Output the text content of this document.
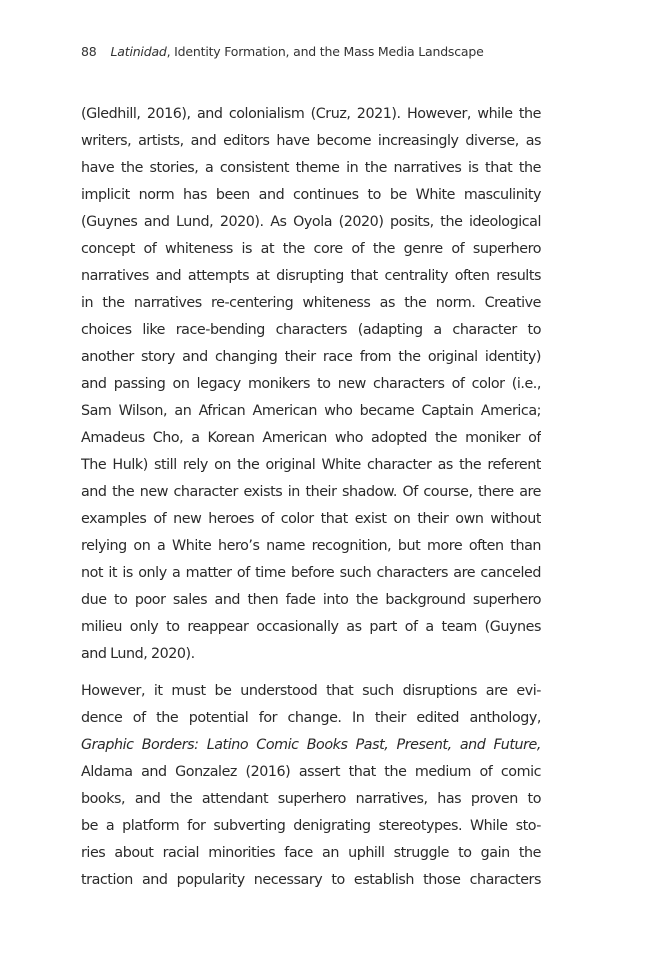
88 Latinidad, Identity Formation, and the Mass Media Landscape
(Gledhill, 2016), and colonialism (Cruz, 2021). However, while the
writers, artists, and editors have become increasingly diverse, as
have the stories, a consistent theme in the narratives is that the
implicit norm has been and continues to be White masculinity
(Guynes and Lund, 2020). As Oyola (2020) posits, the ideological
concept of whiteness is at the core of the genre of superhero
narratives and attempts at disrupting that centrality often results
in the narratives re-centering whiteness as the norm. Creative
choices like race-bending characters (adapting a character to
another story and changing their race from the original identity)
and passing on legacy monikers to new characters of color (i.e.,
Sam Wilson, an African American who became Captain America;
Amadeus Cho, a Korean American who adopted the moniker of
The Hulk) still rely on the original White character as the referent
and the new character exists in their shadow. Of course, there are
examples of new heroes of color that exist on their own without
relying on a White hero’s name recognition, but more often than
not it is only a matter of time before such characters are canceled
due to poor sales and then fade into the background superhero
milieu only to reappear occasionally as part of a team (Guynes
and Lund, 2020).
However, it must be understood that such disruptions are evi-
dence of the potential for change. In their edited anthology,
Graphic Borders: Latino Comic Books Past, Present, and Future,
Aldama and Gonzalez (2016) assert that the medium of comic
books, and the attendant superhero narratives, has proven to
be a platform for subverting denigrating stereotypes. While sto-
ries about racial minorities face an uphill struggle to gain the
traction and popularity necessary to establish those characters
